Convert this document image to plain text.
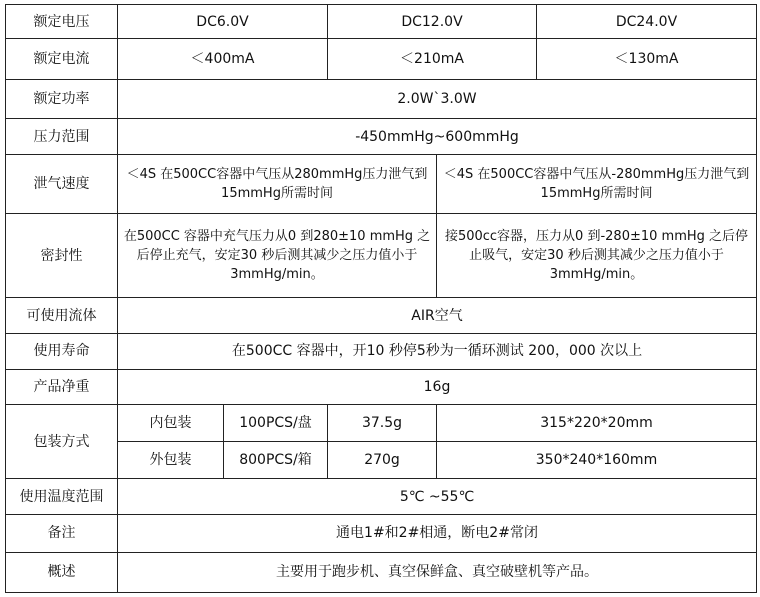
额定电压	DC6.0V		DC12.0V		DC24.0V
额定电流	＜400mA		＜210mA		＜130mA
额定功率	2.0W`3.0W				
压力范围	-450mmHg~600mmHg				
泄气速度	＜4S 在500CC容器中气压从280mmHg压力泄气到15mmHg所需时间			＜4S 在500CC容器中气压从-280mmHg压力泄气到15mmHg所需时间	
密封性	在500CC 容器中充气压力从0 到280±10 mmHg 之后停止充气，安定30 秒后测其减少之压力值小于3mmHg/min。			接500cc容器，压力从0 到-280±10 mmHg 之后停止吸气，安定30 秒后测其减少之压力值小于3mmHg/min。	
可使用流体	AIR空气				
使用寿命	在500CC 容器中，开10 秒停5秒为一循环测试 200，000 次以上				
产品净重	16g				
包装方式	内包装	100PCS/盘	37.5g	315*220*20mm	
	外包装	800PCS/箱	270g	350*240*160mm	
使用温度范围	5℃ ~55℃				
备注	通电1#和2#相通，断电2#常闭				
概述	主要用于跑步机、真空保鲜盒、真空破壁机等产品。				
